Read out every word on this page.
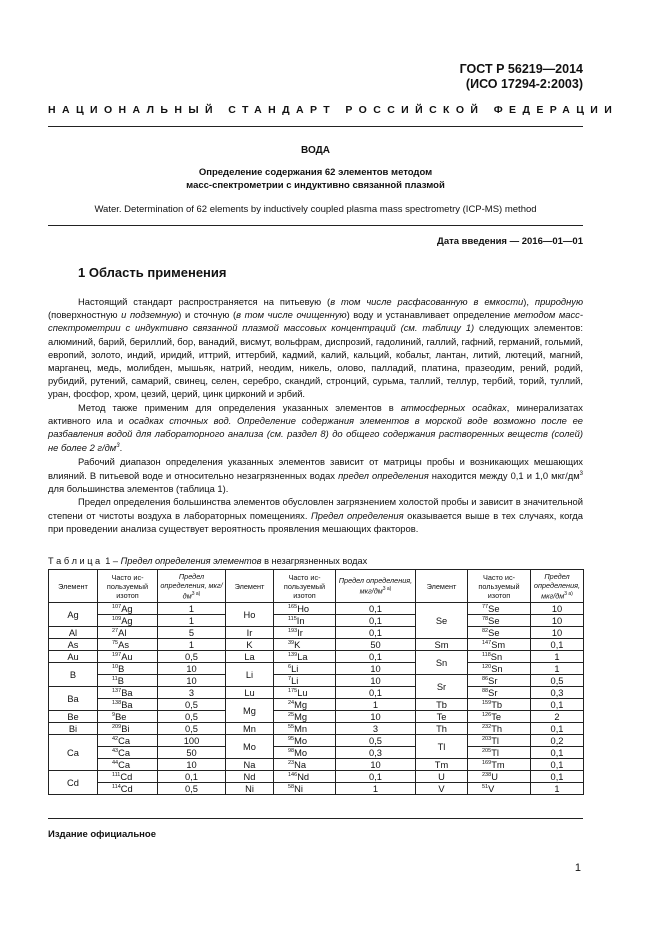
ГОСТ Р 56219—2014
(ИСО 17294-2:2003)
НАЦИОНАЛЬНЫЙ СТАНДАРТ РОССИЙСКОЙ ФЕДЕРАЦИИ
ВОДА
Определение содержания 62 элементов методом
масс-спектрометрии с индуктивно связанной плазмой
Water. Determination of 62 elements by inductively coupled plasma mass spectrometry (ICP-MS) method
Дата введения — 2016—01—01
1 Область применения

Настоящий стандарт распространяется на питьевую (в том числе расфасованную в емкости), природную (поверхностную и подземную) и сточную (в том числе очищенную) воду и устанавливает определение методом масс-спектрометрии с индуктивно связанной плазмой массовых концентраций (см. таблицу 1) следующих элементов: алюминий, барий, бериллий, бор, ванадий, висмут, вольфрам, диспрозий, гадолиний, галлий, гафний, германий, гольмий, европий, золото, индий, иридий, иттрий, иттербий, кадмий, калий, кальций, кобальт, лантан, литий, лютеций, магний, марганец, медь, молибден, мышьяк, натрий, неодим, никель, олово, палладий, платина, празеодим, рений, родий, рубидий, рутений, самарий, свинец, селен, серебро, скандий, стронций, сурьма, таллий, теллур, тербий, торий, туллий, уран, фосфор, хром, цезий, церий, цинк цирконий и эрбий.

Метод также применим для определения указанных элементов в атмосферных осадках, минерализатах активного ила и осадках сточных вод. Определение содержания элементов в морской воде возможно после ее разбавления водой для лабораторного анализа (см. раздел 8) до общего содержания растворенных веществ (солей) не более 2 $г/дм^3$.

Рабочий диапазон определения указанных элементов зависит от матрицы пробы и возникающих мешающих влияний. В питьевой воде и относительно незагрязненных водах предел определения находится между 0,1 и 1,0 мкг/$дм^3$ для большинства элементов (таблица 1).

Предел определения большинства элементов обусловлен загрязнением холостой пробы и зависит в значительной степени от чистоты воздуха в лабораторных помещениях. Предел определения оказывается выше в тех случаях, когда при проведении анализа существует вероятность проявления мешающих факторов.

Т а б л и ц а  1 – Предел определения элементов в незагрязненных водах
Элемент	Часто ис-пользуемый изотоп	Предел определения, мкг/$дм^{3 а)}$	Элемент	Часто ис-пользуемый изотоп	Предел определения, мкг/$дм^{3 а)}$	Элемент	Часто ис-пользуемый изотоп	Предел определения, мкг/$дм^{3 а)}$
Ag	$^{107}$Ag	1	Ho	$^{165}$Ho	0,1	Se	$^{77}$Se	10
	$^{109}$Ag	1		$^{115}$In	0,1		$^{78}$Se	10
Al	$^{27}$Al	5	Ir	$^{193}$Ir	0,1		$^{82}$Se	10
As	$^{75}$As	1	K	$^{39}$K	50	Sm	$^{147}$Sm	0,1
Au	$^{197}$Au	0,5	La	$^{139}$La	0,1	Sn	$^{118}$Sn	1
B	$^{10}$B	10	Li	$^6$Li	10		$^{120}$Sn	1
	$^{11}$B	10		$^7$Li	10	Sr	$^{86}$Sr	0,5
Ba	$^{137}$Ba	3	Lu	$^{175}$Lu	0,1		$^{88}$Sr	0,3
	$^{138}$Ba	0,5	Mg	$^{24}$Mg	1	Tb	$^{159}$Tb	0,1
Be	$^9$Be	0,5		$^{25}$Mg	10	Te	$^{126}$Te	2
Bi	$^{209}$Bi	0,5	Mn	$^{55}$Mn	3	Th	$^{232}$Th	0,1
Ca	$^{42}$Ca	100	Mo	$^{95}$Mo	0,5	Tl	$^{203}$Tl	0,2
	$^{43}$Ca	50		$^{98}$Mo	0,3		$^{205}$Tl	0,1
	$^{44}$Ca	10	Na	$^{23}$Na	10	Tm	$^{169}$Tm	0,1
Cd	$^{111}$Cd	0,1	Nd	$^{146}$Nd	0,1	U	$^{238}$U	0,1
	$^{114}$Cd	0,5	Ni	$^{58}$Ni	1	V	$^{51}$V	1
Издание официальное
1
